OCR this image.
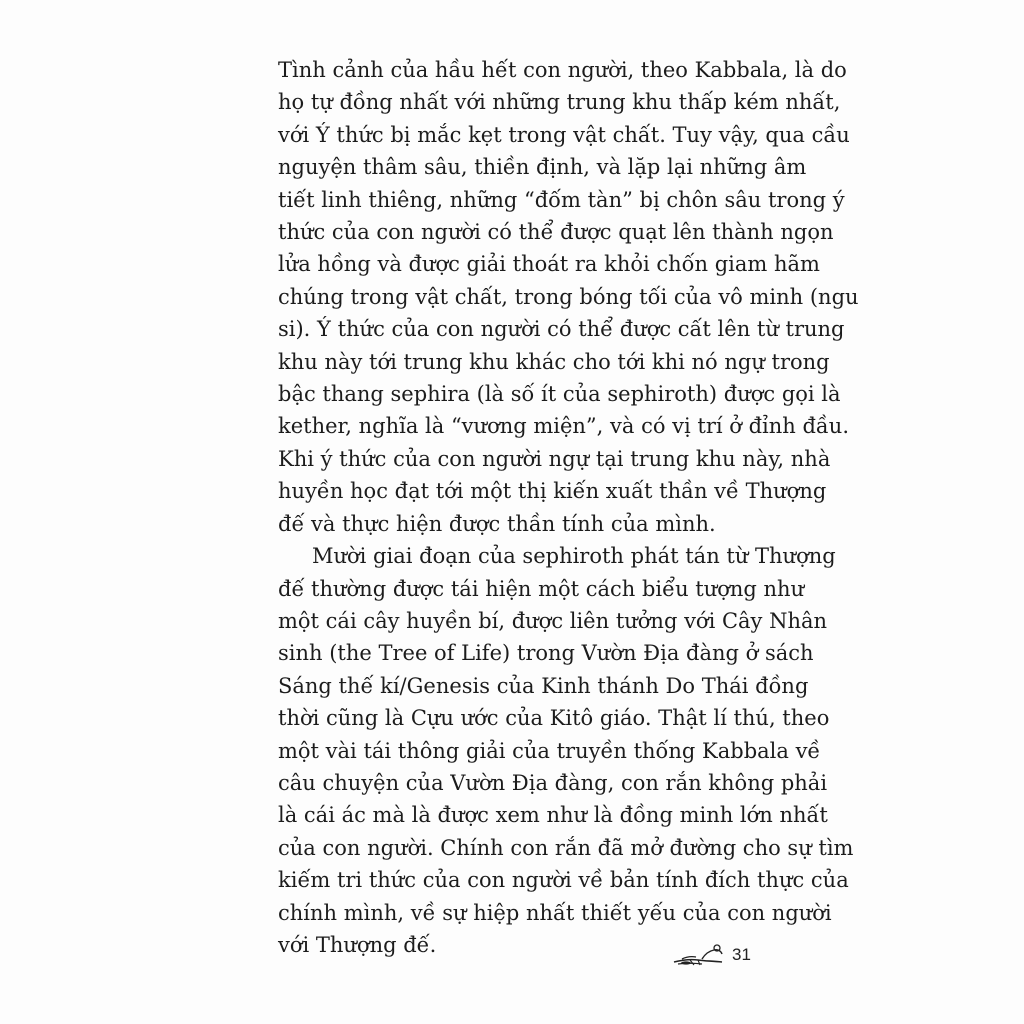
Tình cảnh của hầu hết con người, theo Kabbala, là do
họ tự đồng nhất với những trung khu thấp kém nhất,
với Ý thức bị mắc kẹt trong vật chất. Tuy vậy, qua cầu
nguyện thâm sâu, thiền định, và lặp lại những âm
tiết linh thiêng, những “đốm tàn” bị chôn sâu trong ý
thức của con người có thể được quạt lên thành ngọn
lửa hồng và được giải thoát ra khỏi chốn giam hãm
chúng trong vật chất, trong bóng tối của vô minh (ngu
si). Ý thức của con người có thể được cất lên từ trung
khu này tới trung khu khác cho tới khi nó ngự trong
bậc thang sephira (là số ít của sephiroth) được gọi là
kether, nghĩa là “vương miện”, và có vị trí ở đỉnh đầu.
Khi ý thức của con người ngự tại trung khu này, nhà
huyền học đạt tới một thị kiến xuất thần về Thượng
đế và thực hiện được thần tính của mình.

Mười giai đoạn của sephiroth phát tán từ Thượng
đế thường được tái hiện một cách biểu tượng như
một cái cây huyền bí, được liên tưởng với Cây Nhân
sinh (the Tree of Life) trong Vườn Địa đàng ở sách
Sáng thế kí/Genesis của Kinh thánh Do Thái đồng
thời cũng là Cựu ước của Kitô giáo. Thật lí thú, theo
một vài tái thông giải của truyền thống Kabbala về
câu chuyện của Vườn Địa đàng, con rắn không phải
là cái ác mà là được xem như là đồng minh lớn nhất
của con người. Chính con rắn đã mở đường cho sự tìm
kiếm tri thức của con người về bản tính đích thực của
chính mình, về sự hiệp nhất thiết yếu của con người
với Thượng đế.	31
